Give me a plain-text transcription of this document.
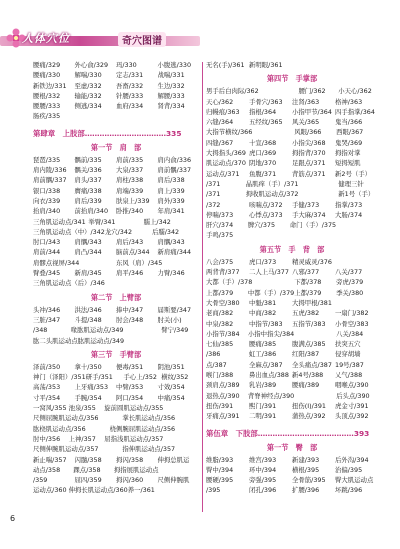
人体穴位	奇穴图谱
腰痛/329	外心俞/329	玛/330	小腹逃/330
腰痛/330	解喘/330	定志/331	战喘/331
新铁边/331	至虚/332	吾畜/332	生边/332
腰根/332	输能/332	针腰/333	解腰/333
腰腰/333	侧逃/334	血府/334	肾背/334
肠疾/335
第肆章　上肢部……………………………335
第一节　肩　部
琵琶/335	髃前/335	肩前/335	肩内俞/336
肩内陵/336	髃关/336	大泉/337	肩前髃/337
肩前髃/337	肩头/337	肩柱/338	肩后/338
银口/338	膺痛/338	肩端/339	肩上/339
向衣/339	肩后/339	肤泉上/339	肩外/339
抬肩/340	前抬肩/340	卧推/340	年肩/341
三角肌运动点/341 举臂/341	臑上/342
三角肌运动点（中）/342 龙穴/342	后臑/342
肘口/343	肩髃/343	肩后/343	肩髃/343
肩前/344	肩凸/344	脑前点/344	新肩痛/344
肩髎点视屏/344	东风（肩）/345
臂叠/345	新肩/345	肩平/346	力臂/346
三角肌运动点（后）/346
第二节　上臂部
头冲/346	洪法/346	捧中/347	届斯要/347
三脏/347	斗提/348	肘会/348	肘关(小)
/348	喙肱肌运动点/349	臂宁/349
肱二头肌运动点肱肌运动点/349
第三节　手臂部
泽前/350	拿十/350	便毒/351	阴池/351
神门（泽阳）/351 研手/351	手心上/352 横纹/352
高荡/353	上牙痛/353	中臂/353	寸效/354
寸平/354	手腕/354	阿口/354	中痛/354
一窝风/355 池泉/355	旋前圆肌运动点/355
尺侧屈腕肌运动点/356	掌长肌运动点/356
肱桡肌运动点/356	桡侧腕屈肌运动点/356
肘中/356	上神/357	屈指浅肌运动点/357
尺侧伸腕肌运动点/357	指伸肌运动点/357
新止喘/357	闪髓/358	拇闪/358	伸拇总肌运
动点/358	踝点/358	拇指展肌运动点
/359	屈四/359	拇闪/360	尺侧伸腕肌
运动点/360 伸拇长肌运动点/360 养一/361
无名(手)/361 新明眼/361
第四节　手掌部
男手后白肉际/362	腰门/362	小天心/362
天心/362	手骨穴/363	注肾/363	格神/363
归幔痕/363	指根/364	小指甲节/364 四手指掌/364
六缝/364	五经纹/365	风关/365	鬼当/366
大指节横纹/366	风眼/366	西眼/367
四缝/367	十宣/368	小指尖/368	鬼哭/369
大拇指头/369 虎口/369	拇指背/370	拇指对掌
肌运动点/370 阴地/370	足跟点/371	短拇短肌
运动点/371	鱼腹/371	背筋点/371	新2号（手）
/371	晶肌痒（手）/371	健理三针
/371	拇收肌运动点/372	新1号（手）
/372	咳喘点/372	手健/373	指掌/373
停喘/373	心悸点/373	手大麻/374	大肠/374
肝穴/374	脾穴/375	命门（手）/375
手鸣/375
第五节　手　背　部
八会/375	虎口/373	精灵威灵/376
两背背/377	二人上马/377 八邪/377	八关/377
大都（手）/378	下都/378	旁虎/379
上都/379	中都（手）/379 上都/379	季关/380
大骨空/380	中魁/381	大拇甲根/381
老商/382	中商/382	五虎/382	一扇门/382
中泉/382	中指节/383	五指节/383	小骨空/383
小指节/384	小指中指尖/384	八关/384
七仙/385	腰痛/385	腹满点/385	扶突五穴
/386	虹工/386	红阳/387	侵穿胡墙
点/387	全麻点/387	全头痛点/387 19号/387
喉门/388	鼻出血点/388 新4号/388	乂气/388
颈肩点/389	乳岩/389	腰痛/389	咽喉点/390
退热点/390	背脊神经点/390	后头点/390
扭伤/391	熙门/391	扭伤(I)/391	虎金寸/391
牙痛点/391	二明/391	蒲热点/392	头顶点/392
第伍章　下肢部…………………………………393
第一节　臀　部
维脂/393	维宫/393	新建/393	后外沟/394
臀中/394	环中/394	横根/395	治偏/395
腰硬/395	旁强/395	全骨筋/395	臀大肌运动点
/395	闭孔/396	扩腰/396	坏跳/396
6
